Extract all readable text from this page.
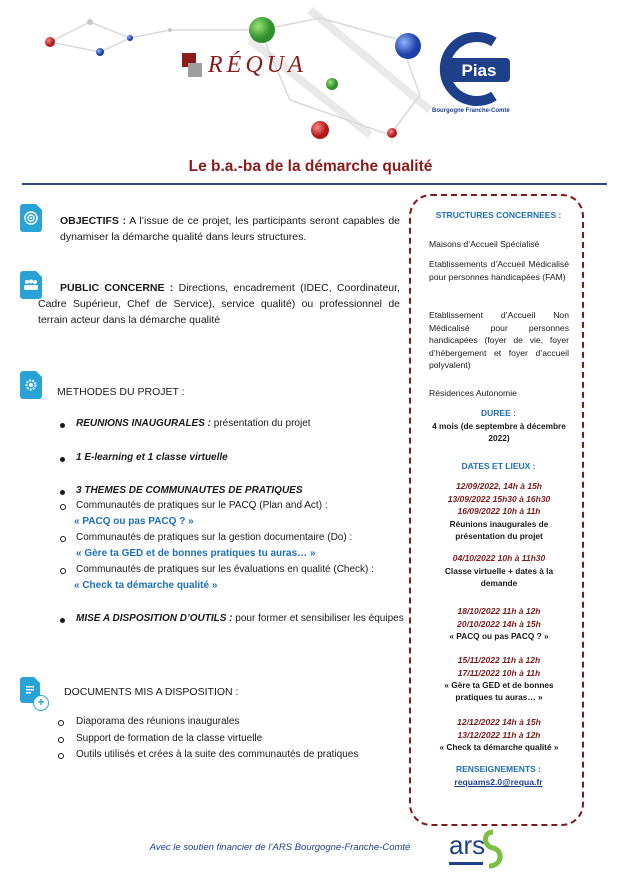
RÉQUA	Pias
Bourgogne Franche-Comté
Le b.a.-ba de la démarche qualité
OBJECTIFS : A l’issue de ce projet, les participants seront capables de dynamiser la démarche qualité dans leurs structures.
PUBLIC CONCERNE : Directions, encadrement (IDEC, Coordinateur, Cadre Supérieur, Chef de Service), service qualité) ou professionnel de terrain acteur dans la démarche qualité
METHODES DU PROJET :
REUNIONS INAUGURALES : présentation du projet
1 E-learning et 1 classe virtuelle
3 THEMES DE COMMUNAUTES DE PRATIQUES
Communautés de pratiques sur le PACQ (Plan and Act) :
« PACQ ou pas PACQ ? »
Communautés de pratiques sur la gestion documentaire (Do) :
« Gère ta GED et de bonnes pratiques tu auras… »
Communautés de pratiques sur les évaluations en qualité (Check) :
« Check ta démarche qualité »
MISE A DISPOSITION D’OUTILS : pour former et sensibiliser les équipes
+
DOCUMENTS MIS A DISPOSITION :
Diaporama des réunions inaugurales
Support de formation de la classe virtuelle
Outils utilisés et crées à la suite des communautés de pratiques
STRUCTURES CONCERNEES :
Maisons d’Accueil Spécialisé
Etablissements d’Accueil Médicalisé pour personnes handicapées (FAM)
Etablissement d’Accueil Non Médicalisé pour personnes handicapées (foyer de vie, foyer d’hébergement et foyer d’accueil polyvalent)
Résidences Autonomie
DUREE :
4 mois (de septembre à décembre 2022)
DATES ET LIEUX :
12/09/2022, 14h à 15h
13/09/2022 15h30 à 16h30
16/09/2022 10h à 11h
Réunions inaugurales de présentation du projet
04/10/2022 10h à 11h30
Classe virtuelle + dates à la demande
18/10/2022 11h à 12h
20/10/2022 14h à 15h
« PACQ ou pas PACQ ? »
15/11/2022 11h à 12h
17/11/2022 10h à 11h
« Gère ta GED et de bonnes pratiques tu auras… »
12/12/2022 14h à 15h
13/12/2022 11h à 12h
« Check ta démarche qualité »
RENSEIGNEMENTS :
requams2.0@requa.fr
Avec le soutien financier de l’ARS Bourgogne-Franche-Comté	ars
